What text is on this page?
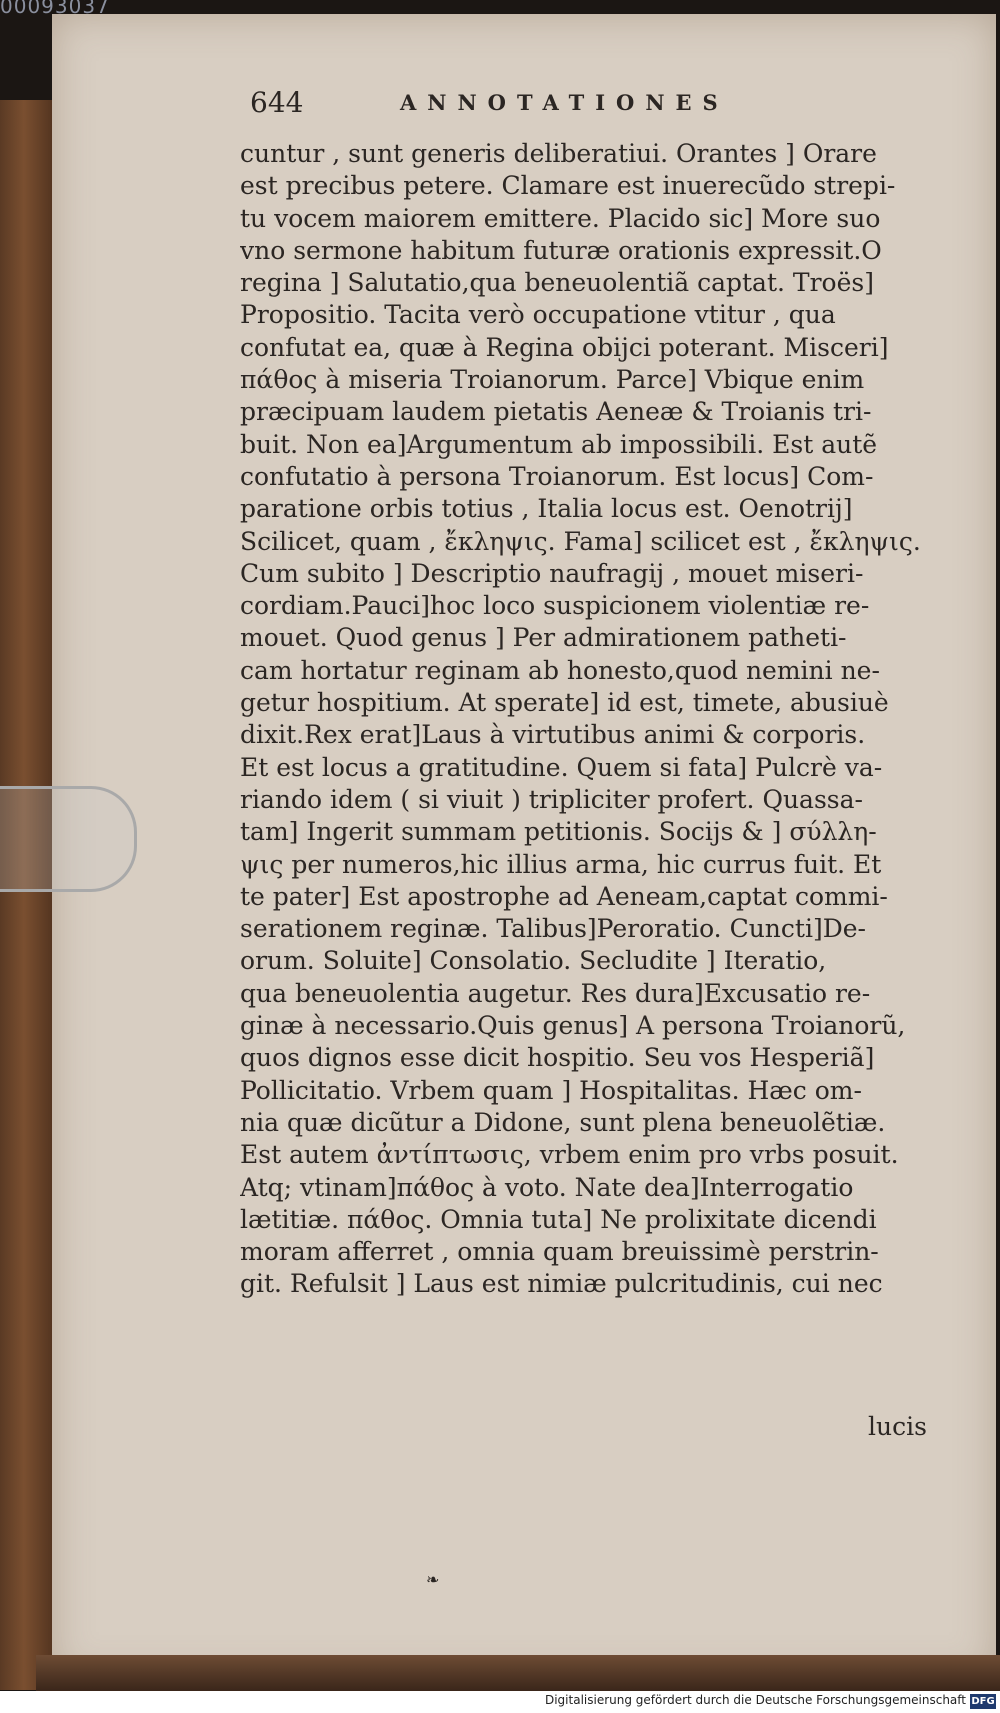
00093037
644	ANNOTATIONES
cuntur , sunt generis deliberatiui. Orantes ] Orare
est precibus petere. Clamare est inuerecũdo strepi-
tu vocem maiorem emittere. Placido sic] More suo
vno sermone habitum futuræ orationis expressit.O
regina ] Salutatio,qua beneuolentiã captat. Troës]
Propositio. Tacita verò occupatione vtitur , qua
confutat ea, quæ à Regina obijci poterant. Misceri]
πάθος à miseria Troianorum. Parce] Vbique enim
præcipuam laudem pietatis Aeneæ & Troianis tri-
buit. Non ea]Argumentum ab impossibili. Est autẽ
confutatio à persona Troianorum. Est locus] Com-
paratione orbis totius , Italia locus est. Oenotrij]
Scilicet, quam , ἔκληψις. Fama] scilicet est , ἔκληψις.
Cum subito ] Descriptio naufragij , mouet miseri-
cordiam.Pauci]hoc loco suspicionem violentiæ re-
mouet. Quod genus ] Per admirationem patheti-
cam hortatur reginam ab honesto,quod nemini ne-
getur hospitium. At sperate] id est, timete, abusiuè
dixit.Rex erat]Laus à virtutibus animi & corporis.
Et est locus a gratitudine. Quem si fata] Pulcrè va-
riando idem ( si viuit ) tripliciter profert. Quassa-
tam] Ingerit summam petitionis. Socijs & ] σύλλη-
ψις per numeros,hic illius arma, hic currus fuit. Et
te pater] Est apostrophe ad Aeneam,captat commi-
serationem reginæ. Talibus]Peroratio. Cuncti]De-
orum. Soluite] Consolatio. Secludite ] Iteratio,
qua beneuolentia augetur. Res dura]Excusatio re-
ginæ à necessario.Quis genus] A persona Troianorũ,
quos dignos esse dicit hospitio. Seu vos Hesperiã]
Pollicitatio. Vrbem quam ] Hospitalitas. Hæc om-
nia quæ dicũtur a Didone, sunt plena beneuolẽtiæ.
Est autem ἀντίπτωσις, vrbem enim pro vrbs posuit.
Atq; vtinam]πάθος à voto. Nate dea]Interrogatio
lætitiæ. πάθος. Omnia tuta] Ne prolixitate dicendi
moram afferret , omnia quam breuissimè perstrin-
git. Refulsit ] Laus est nimiæ pulcritudinis, cui nec
lucis
❧
Digitalisierung gefördert durch die Deutsche Forschungsgemeinschaft DFG
